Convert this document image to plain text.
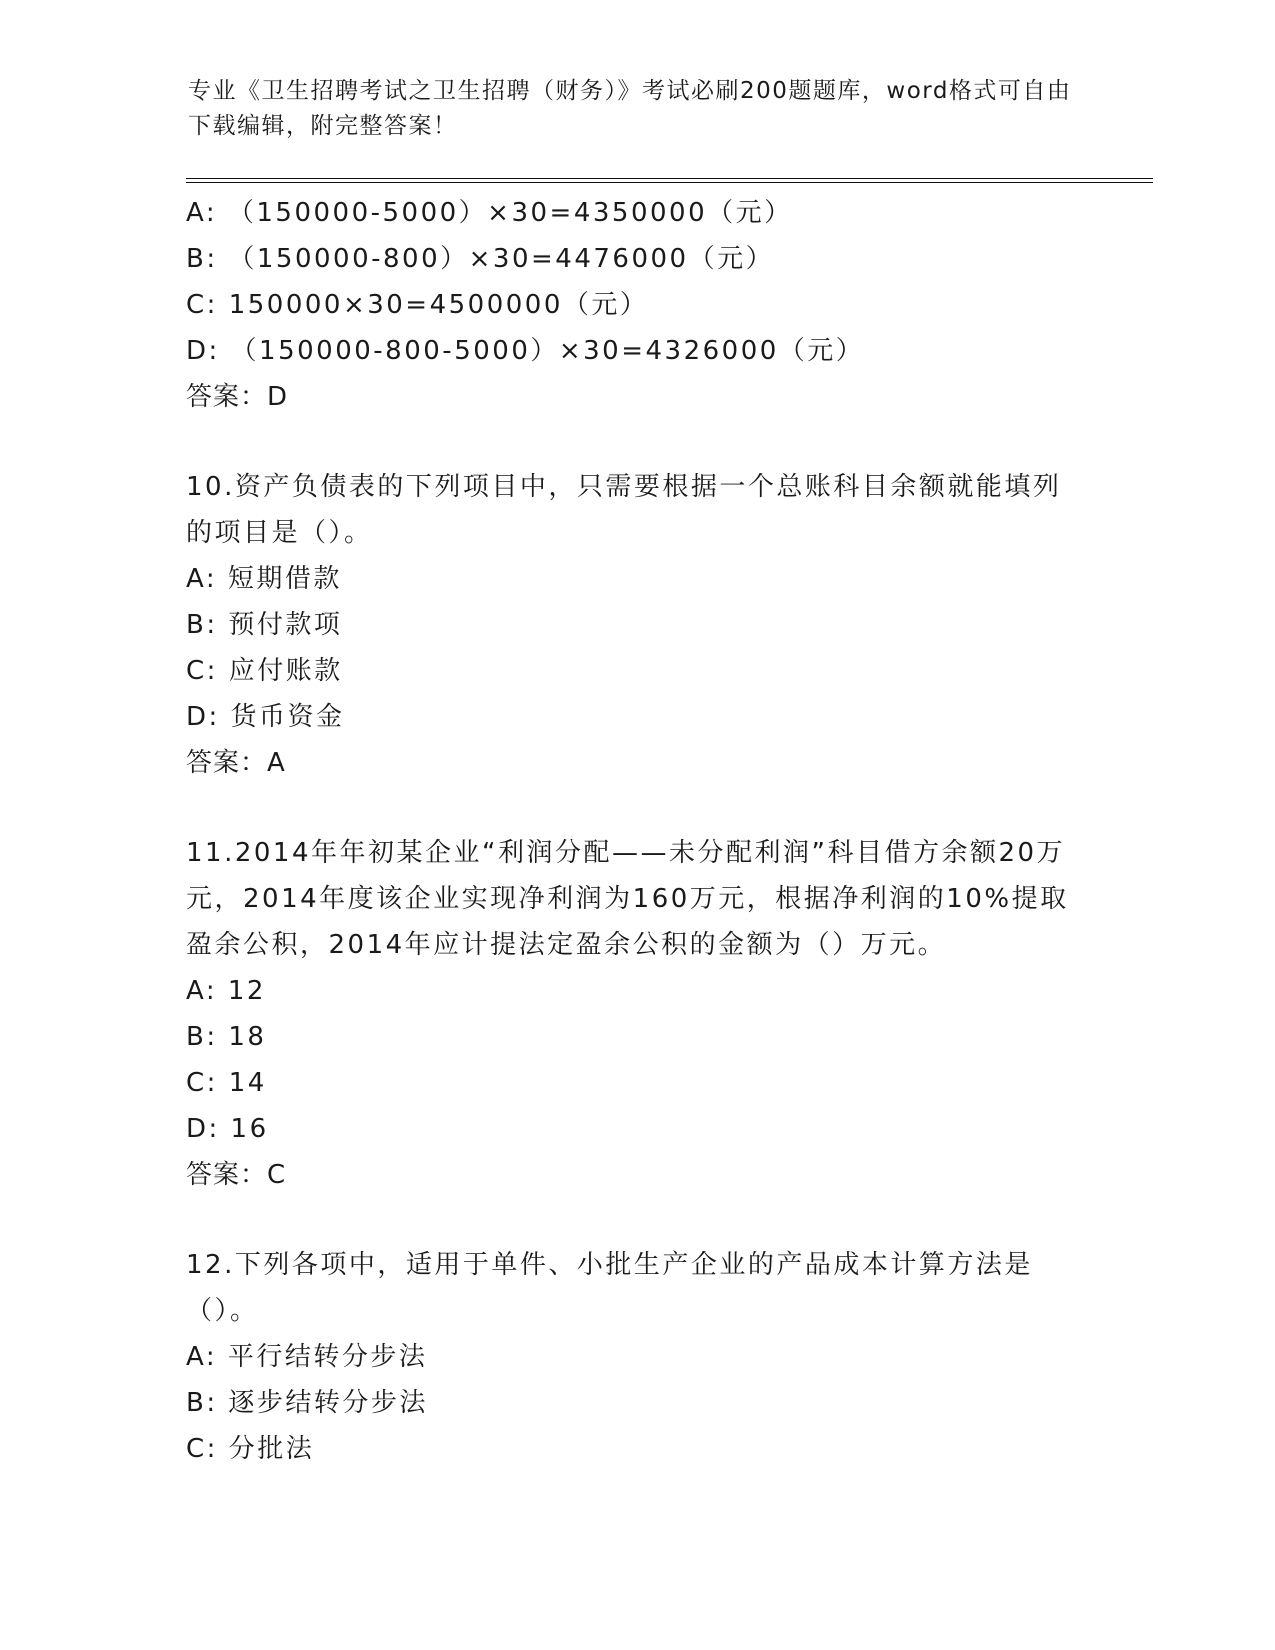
专业《卫生招聘考试之卫生招聘（财务）》考试必刷200题题库，word格式可自由下载编辑，附完整答案！
A: （150000-5000）×30=4350000（元）
B: （150000-800）×30=4476000（元）
C: 150000×30=4500000（元）
D: （150000-800-5000）×30=4326000（元）
答案：D
10.资产负债表的下列项目中，只需要根据一个总账科目余额就能填列的项目是（）。
A: 短期借款
B: 预付款项
C: 应付账款
D: 货币资金
答案：A
11.2014年年初某企业“利润分配——未分配利润”科目借方余额20万元，2014年度该企业实现净利润为160万元，根据净利润的10%提取盈余公积，2014年应计提法定盈余公积的金额为（）万元。
A: 12
B: 18
C: 14
D: 16
答案：C
12.下列各项中，适用于单件、小批生产企业的产品成本计算方法是（）。
A: 平行结转分步法
B: 逐步结转分步法
C: 分批法
